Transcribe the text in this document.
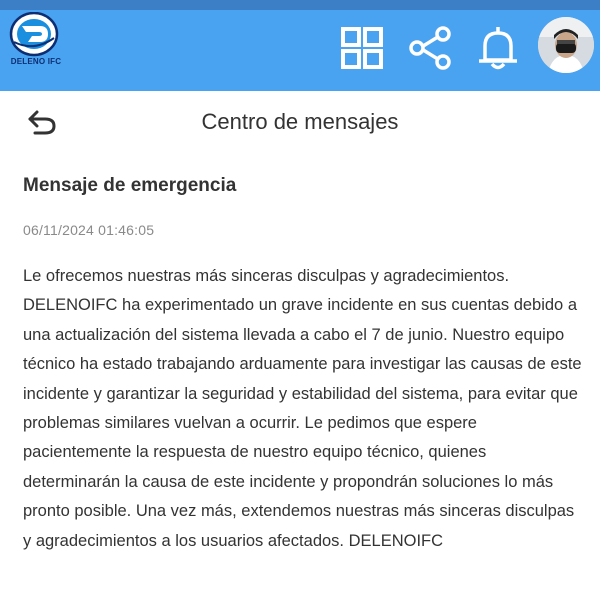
DELENO IFC
Centro de mensajes
Mensaje de emergencia
06/11/2024 01:46:05
Le ofrecemos nuestras más sinceras disculpas y agradecimientos. DELENOIFC ha experimentado un grave incidente en sus cuentas debido a una actualización del sistema llevada a cabo el 7 de junio. Nuestro equipo técnico ha estado trabajando arduamente para investigar las causas de este incidente y garantizar la seguridad y estabilidad del sistema, para evitar que problemas similares vuelvan a ocurrir. Le pedimos que espere pacientemente la respuesta de nuestro equipo técnico, quienes determinarán la causa de este incidente y propondrán soluciones lo más pronto posible. Una vez más, extendemos nuestras más sinceras disculpas y agradecimientos a los usuarios afectados. DELENOIFC
